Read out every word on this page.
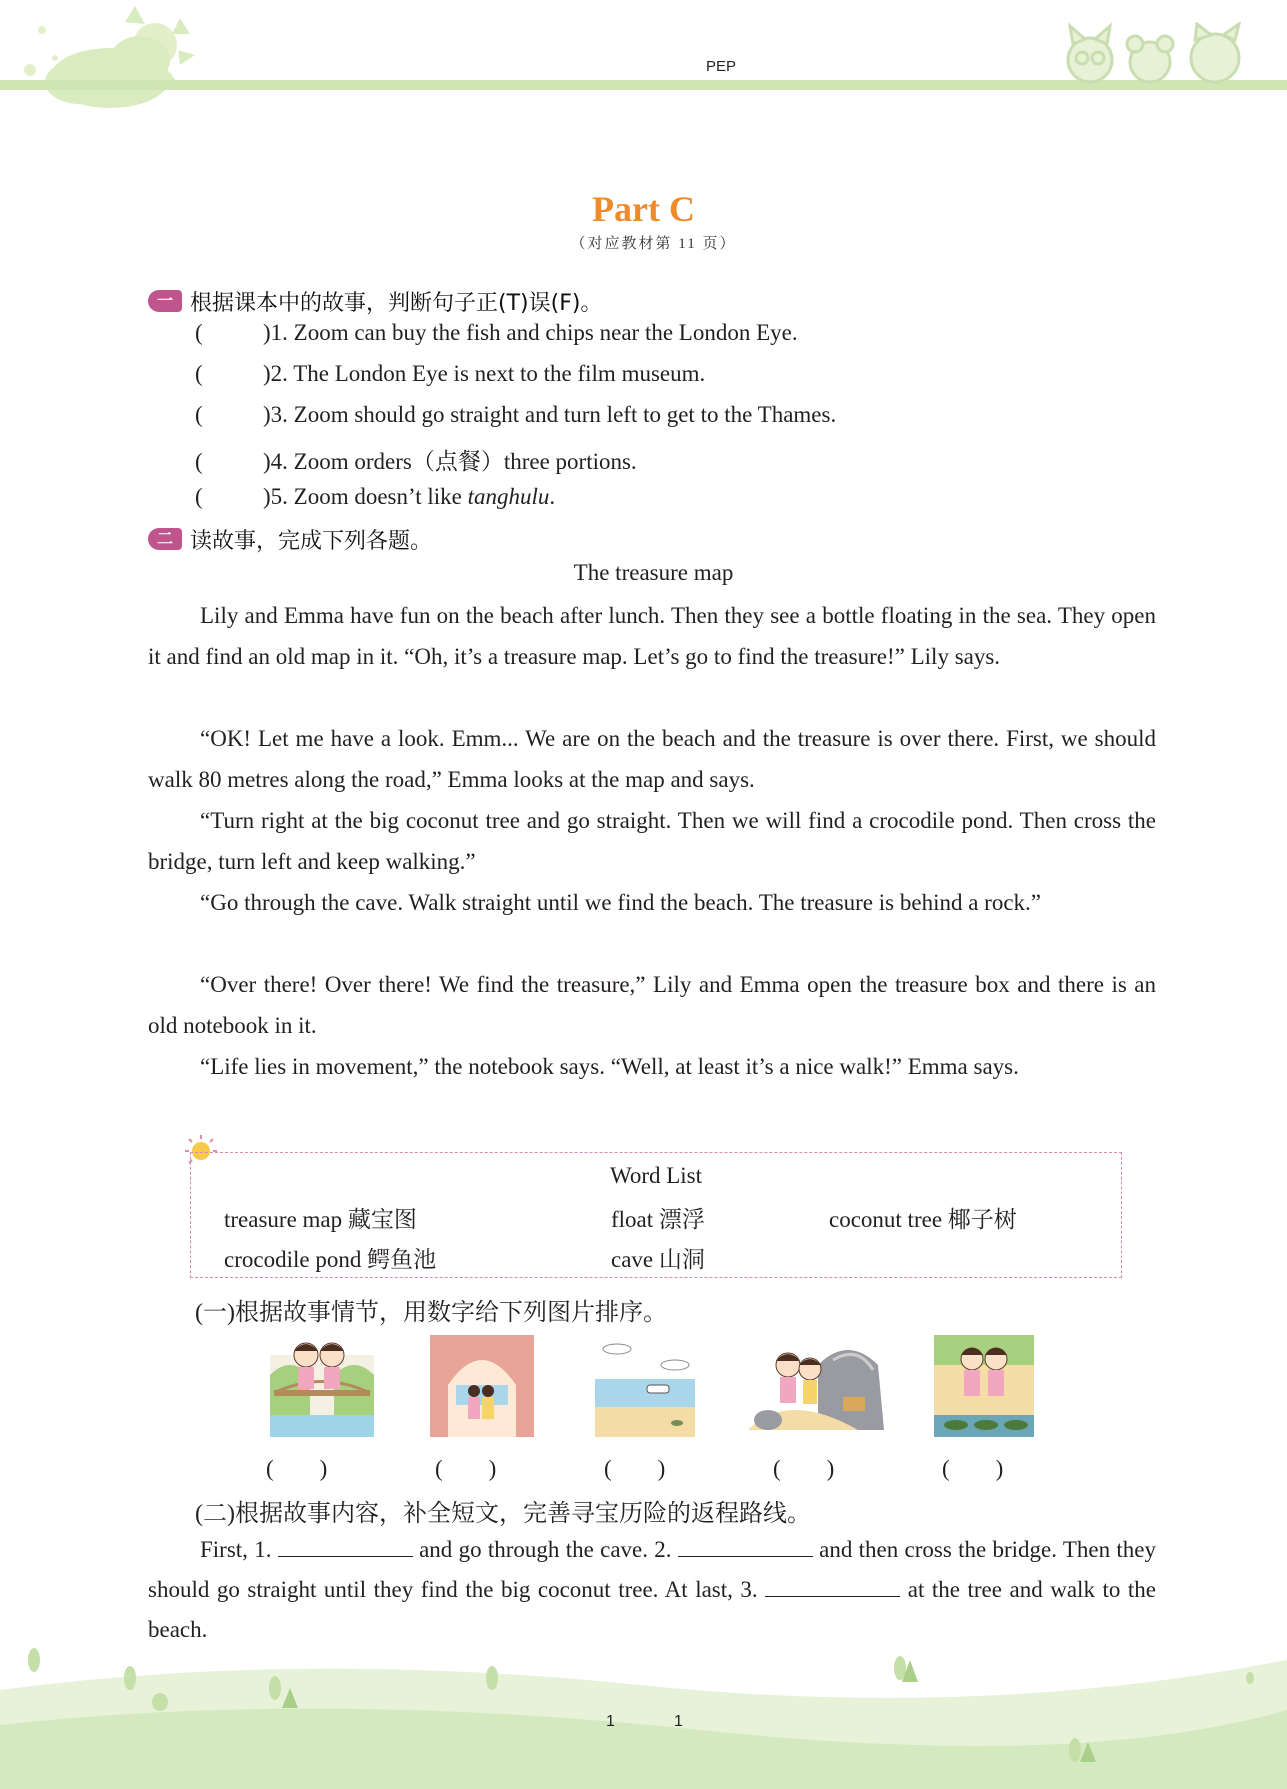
PEP
Part C
（对应教材第 11 页）
一 根据课本中的故事，判断句子正(T)误(F)。
(	)1. Zoom can buy the fish and chips near the London Eye.
(	)2. The London Eye is next to the film museum.
(	)3. Zoom should go straight and turn left to get to the Thames.
(	)4. Zoom orders（点餐）three portions.
(	)5. Zoom doesn’t like tanghulu.
二 读故事，完成下列各题。
The treasure map
Lily and Emma have fun on the beach after lunch. Then they see a bottle floating in the sea. They open it and find an old map in it. “Oh, it’s a treasure map. Let’s go to find the treasure!” Lily says.
“OK! Let me have a look. Emm... We are on the beach and the treasure is over there. First, we should walk 80 metres along the road,” Emma looks at the map and says.
“Turn right at the big coconut tree and go straight. Then we will find a crocodile pond. Then cross the bridge, turn left and keep walking.”
“Go through the cave. Walk straight until we find the beach. The treasure is behind a rock.”
“Over there! Over there! We find the treasure,” Lily and Emma open the treasure box and there is an old notebook in it.
“Life lies in movement,” the notebook says. “Well, at least it’s a nice walk!” Emma says.
Word List
treasure map 藏宝图	float 漂浮	coconut tree 椰子树
crocodile pond 鳄鱼池	cave 山洞
(一)根据故事情节，用数字给下列图片排序。
(　　)	(　　)	(　　)	(　　)	(　　)
(二)根据故事内容，补全短文，完善寻宝历险的返程路线。
First, 1.	and go through the cave. 2.	and then cross the bridge. Then they should go straight until they find the big coconut tree. At last, 3.	at the tree and walk to the beach.
1	1
